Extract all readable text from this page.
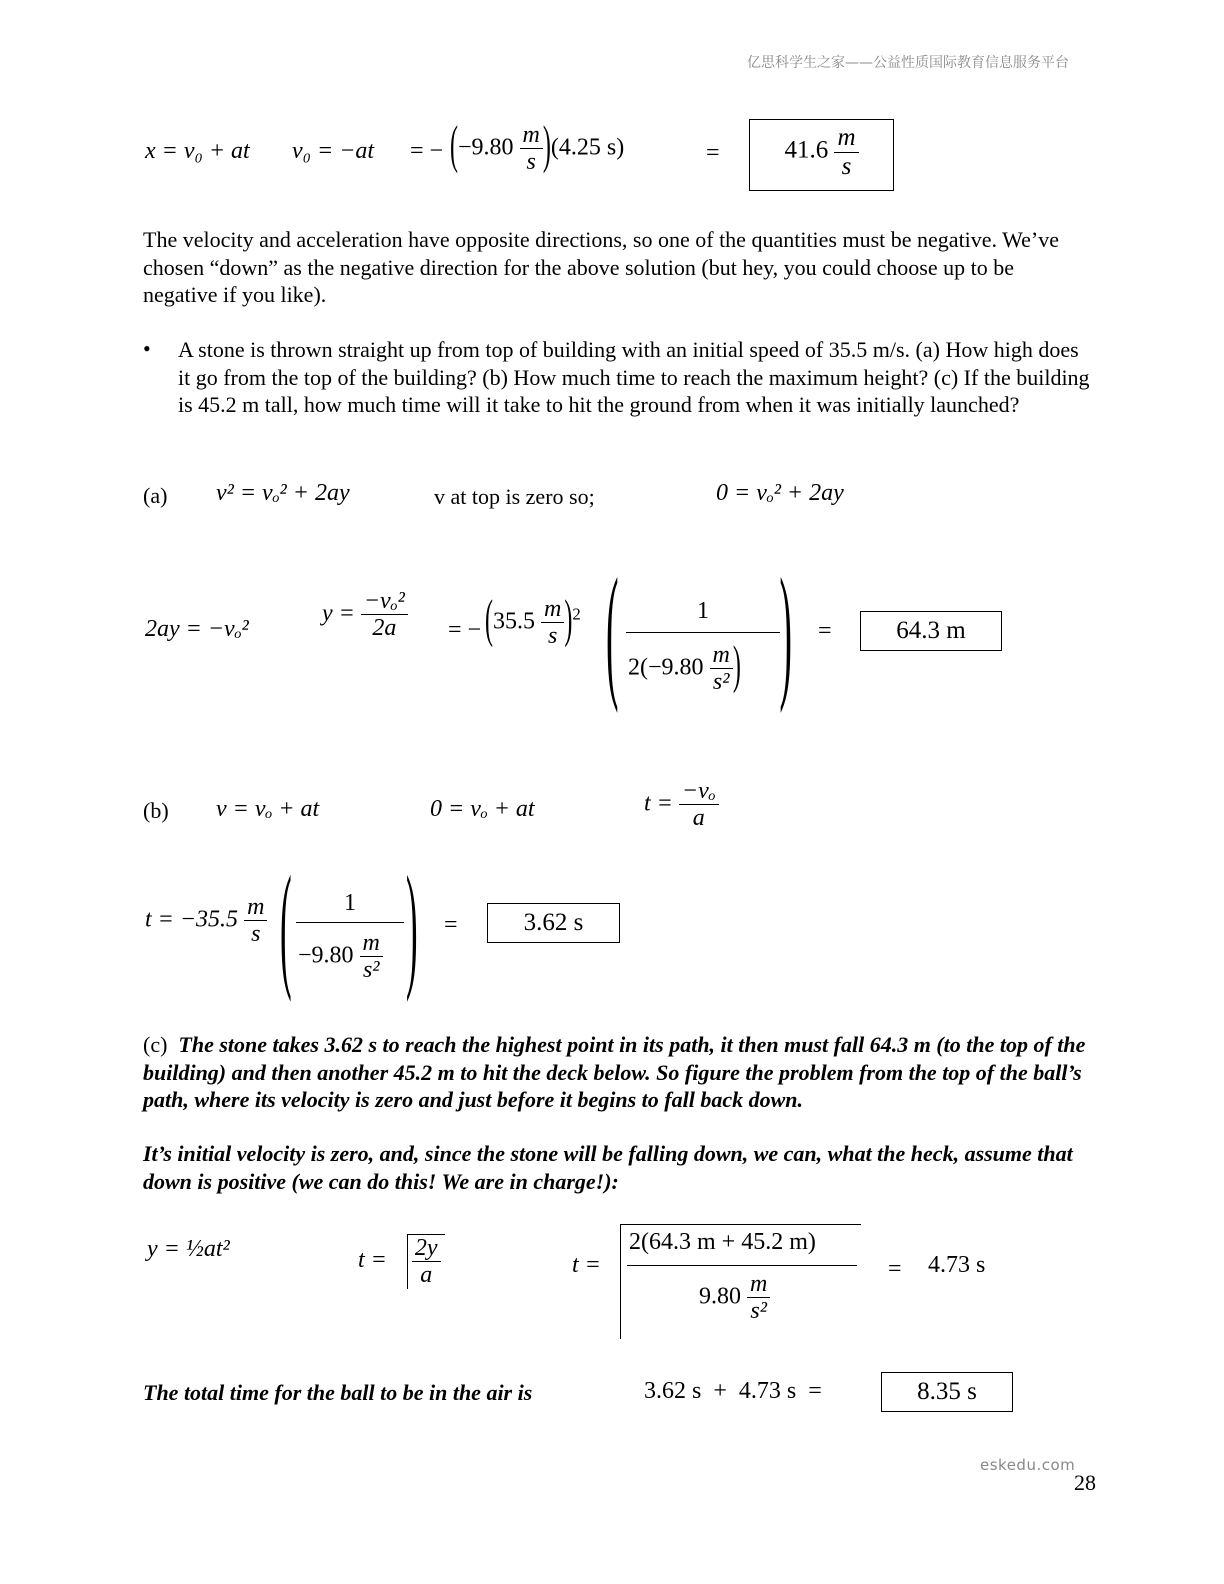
亿思科学生之家——公益性质国际教育信息服务平台
x = v₀ + at v₀ = −at = − $(-9.80 \frac{m}{s} )(4.25$ s)	=	$41.6 \frac{m}{s}$
The velocity and acceleration have opposite directions, so one of the quantities must be negative. We’ve chosen “down” as the negative direction for the above solution (but hey, you could choose up to be negative if you like).
• A stone is thrown straight up from top of building with an initial speed of 35.5 m/s. (a) How high does it go from the top of the building? (b) How much time to reach the maximum height? (c) If the building is 45.2 m tall, how much time will it take to hit the ground from when it was initially launched?
(a) v² = vₒ² + 2ay	v at top is zero so;	0 = vₒ² + 2ay
2ay = −vₒ²
$y = \frac{\text{−vₒ²}}{2a}$ = − $(35.5 \frac{m}{s} )^2$ ( )
1
$2(-9.80 \frac{m}{\text{s²}}$ )
=	64.3 m
(b) v = vₒ + at	0 = vₒ + at	$t = \frac{\text{−vₒ}}{a}$
$t = -35.5 \frac{m}{s}$ ( )
1
$-9.80 \frac{m}{\text{s²}}$
=	3.62 s
(c) The stone takes 3.62 s to reach the highest point in its path, it then must fall 64.3 m (to the top of the building) and then another 45.2 m to hit the deck below. So figure the problem from the top of the ball’s path, where its velocity is zero and just before it begins to fall back down.
It’s initial velocity is zero, and, since the stone will be falling down, we can, what the heck, assume that down is positive (we can do this! We are in charge!):
y = ½at²	$t = \frac{2y}{a}$	t =
2(64.3 m + 45.2 m)
$9.80 \frac{m}{\text{s²}}$
= 4.73 s
The total time for the ball to be in the air is	3.62 s  +  4.73 s  =	8.35 s
eskedu.com
28
